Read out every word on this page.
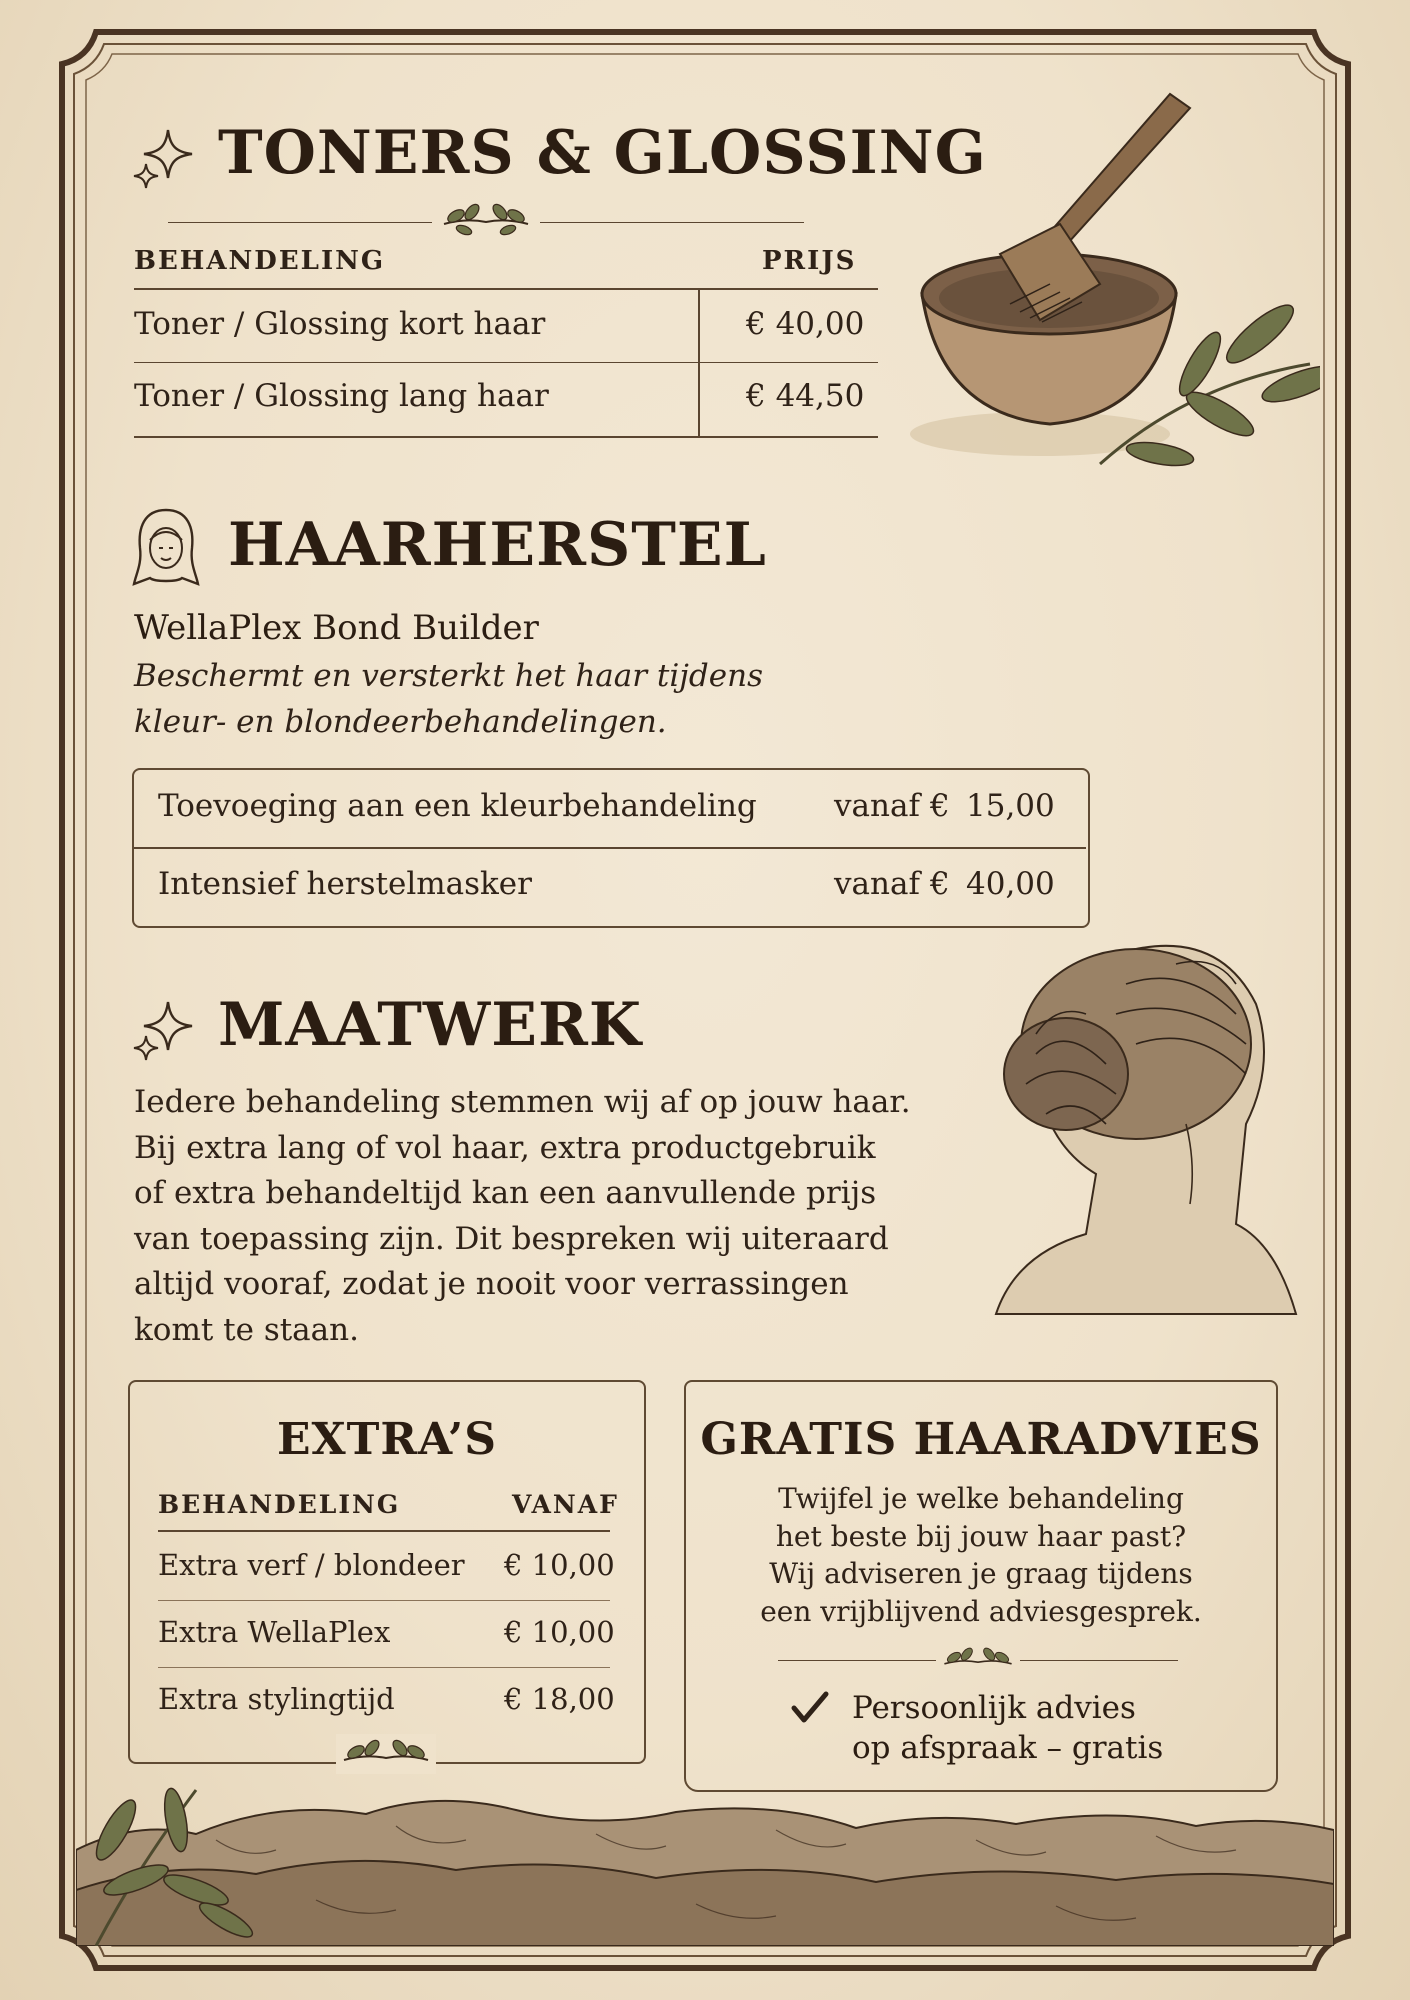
TONERS & GLOSSING
BEHANDELING	PRIJS
Toner / Glossing kort haar	€ 40,00
Toner / Glossing lang haar	€ 44,50
HAARHERSTEL
WellaPlex Bond Builder
Beschermt en versterkt het haar tijdens
kleur- en blondeerbehandelingen.
Toevoeging aan een kleurbehandeling vanaf € 15,00
Intensief herstelmasker	vanaf € 40,00
MAATWERK
Iedere behandeling stemmen wij af op jouw haar.
Bij extra lang of vol haar, extra productgebruik
of extra behandeltijd kan een aanvullende prijs
van toepassing zijn. Dit bespreken wij uiteraard
altijd vooraf, zodat je nooit voor verrassingen
komt te staan.
EXTRA’S
BEHANDELING	VANAF
Extra verf / blondeer € 10,00
Extra WellaPlex	€ 10,00
Extra stylingtijd	€ 18,00
GRATIS HAARADVIES
Twijfel je welke behandeling
het beste bij jouw haar past?
Wij adviseren je graag tijdens
een vrijblijvend adviesgesprek.
Persoonlijk advies
op afspraak – gratis
